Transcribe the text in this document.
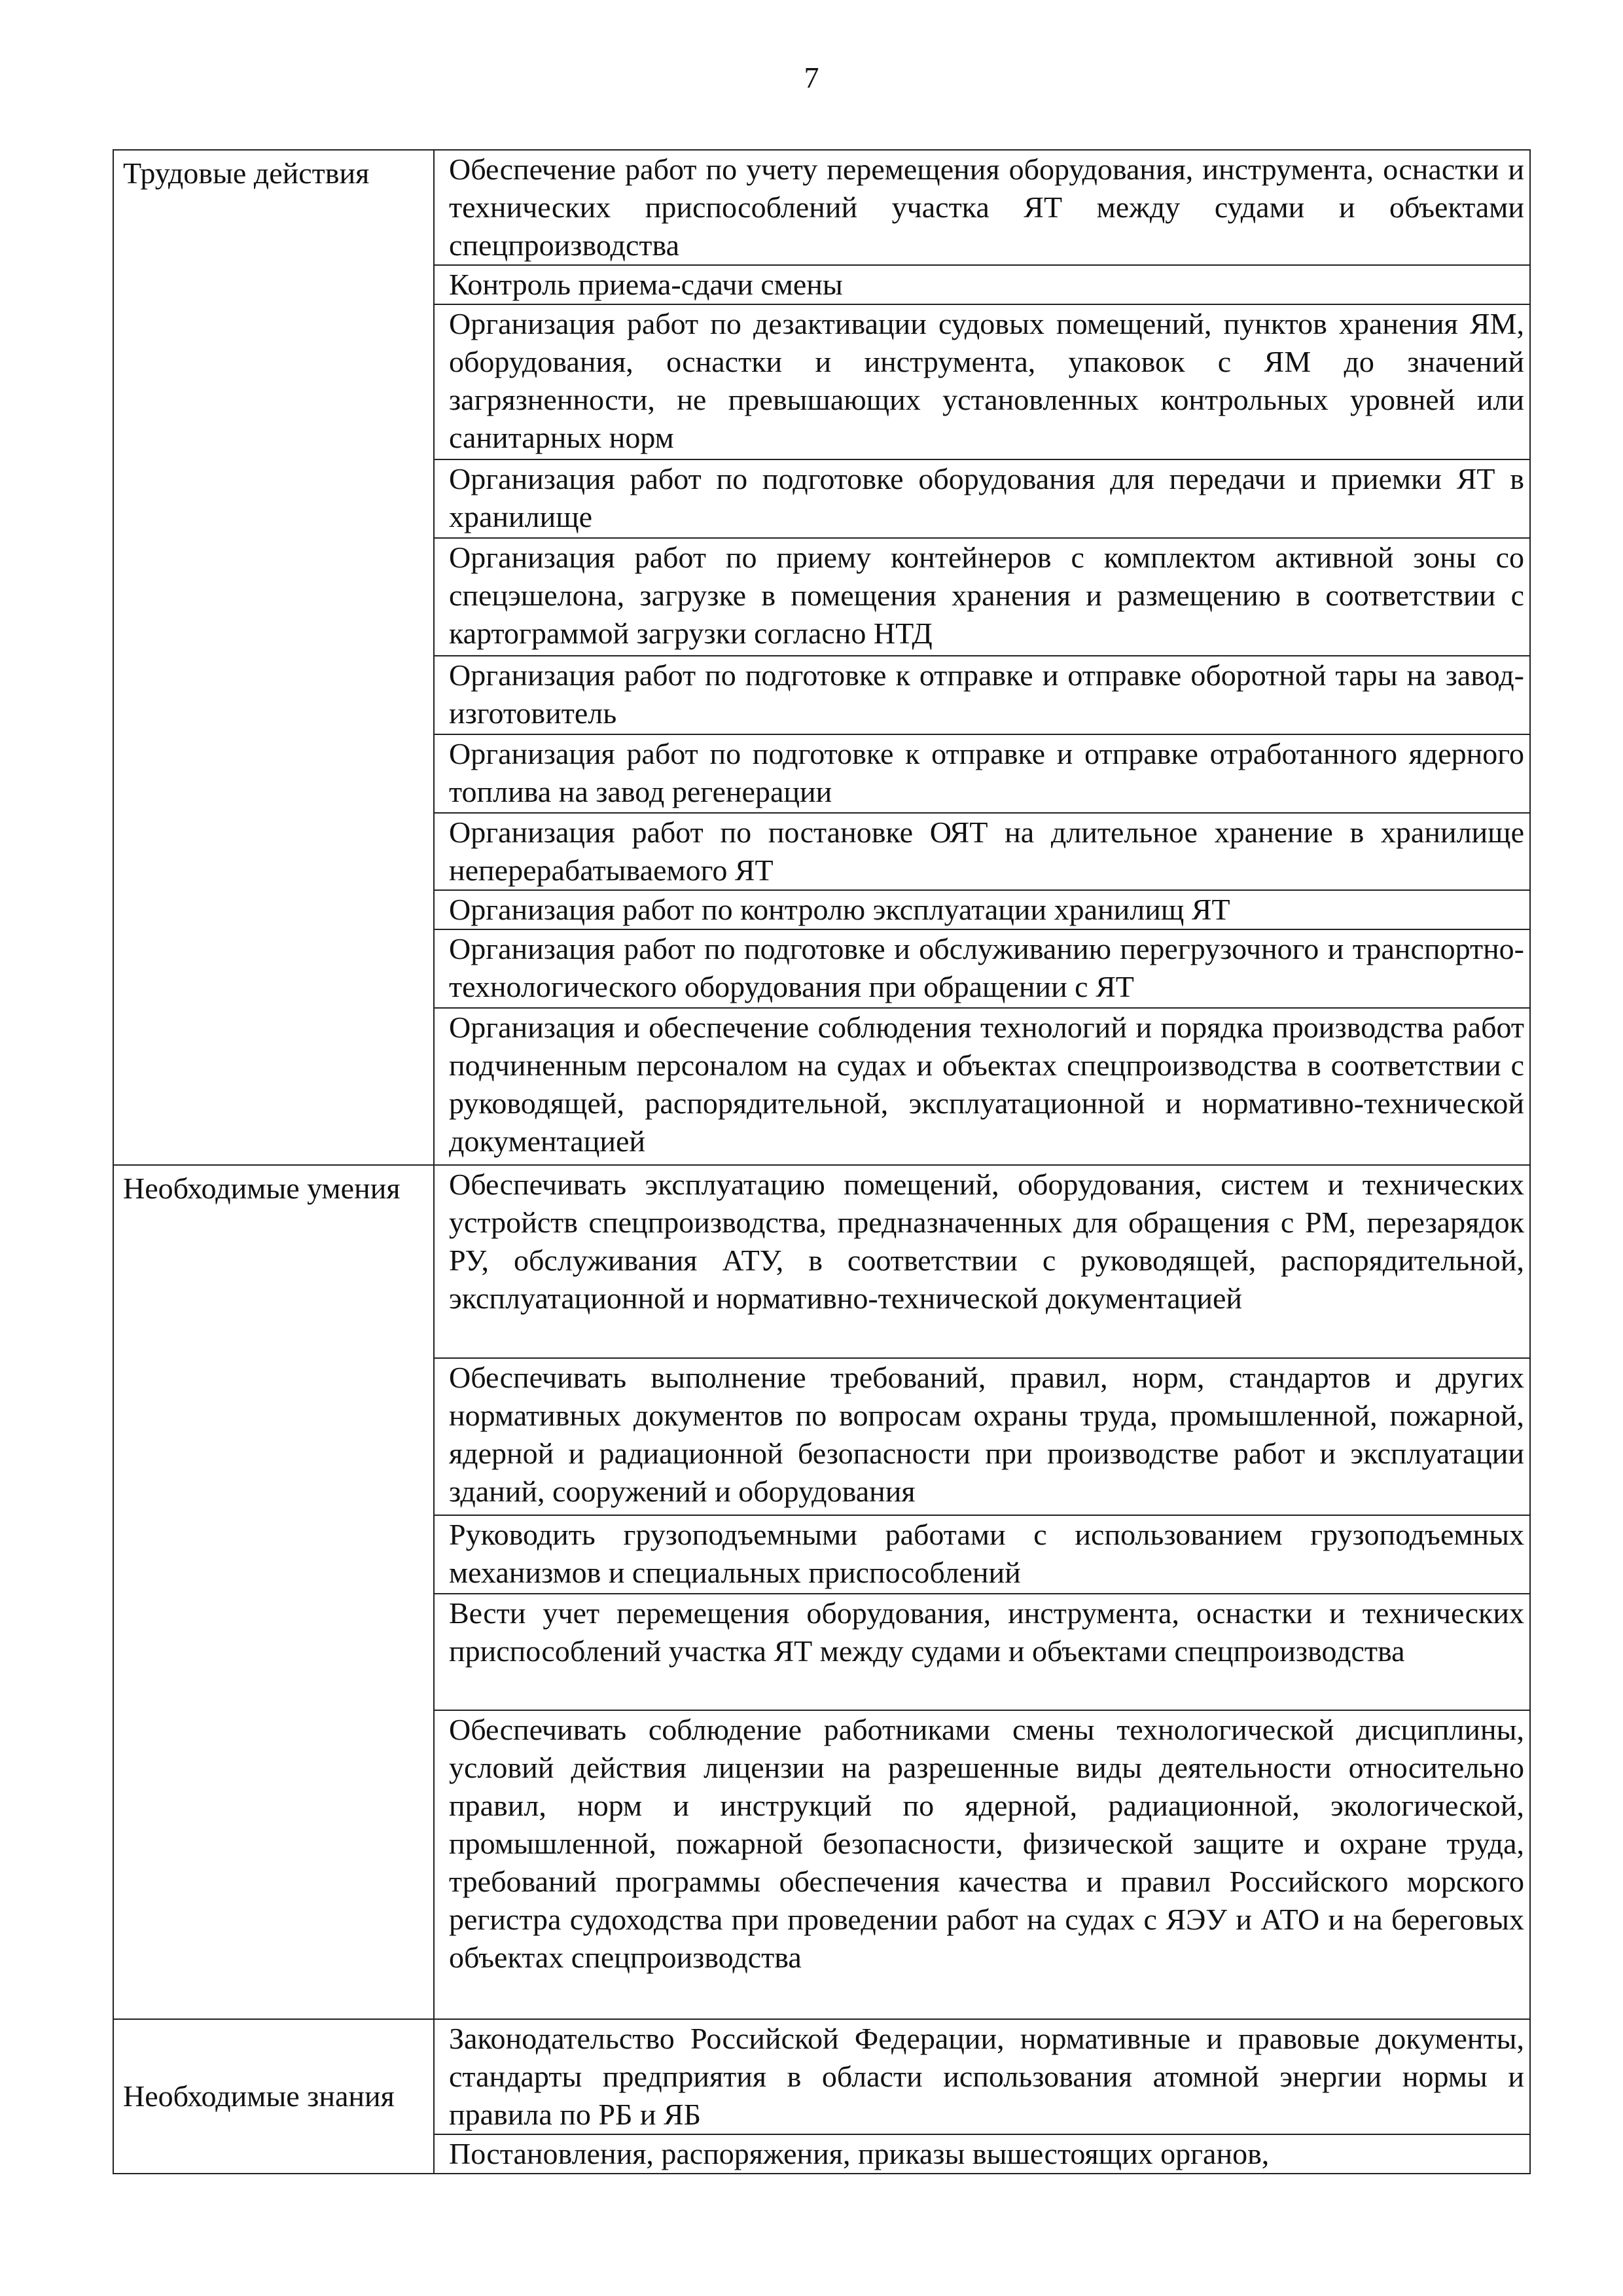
7
Трудовые действия	Обеспечение работ по учету перемещения оборудования, инструмента, оснастки и технических приспособлений участка ЯТ между судами и объектами спецпроизводства
	Контроль приема-сдачи смены
	Организация работ по дезактивации судовых помещений, пунктов хранения ЯМ, оборудования, оснастки и инструмента, упаковок с ЯМ до значений загрязненности, не превышающих установленных контрольных уровней или санитарных норм
	Организация работ по подготовке оборудования для передачи и приемки ЯТ в хранилище
	Организация работ по приему контейнеров с комплектом активной зоны со спецэшелона, загрузке в помещения хранения и размещению в соответствии с картограммой загрузки согласно НТД
	Организация работ по подготовке к отправке и отправке оборотной тары на завод-изготовитель
	Организация работ по подготовке к отправке и отправке отработанного ядерного топлива на завод регенерации
	Организация работ по постановке ОЯТ на длительное хранение в хранилище неперерабатываемого ЯТ
	Организация работ по контролю эксплуатации хранилищ ЯТ
	Организация работ по подготовке и обслуживанию перегрузочного и транспортно-технологического оборудования при обращении с ЯТ
	Организация и обеспечение соблюдения технологий и порядка производства работ подчиненным персоналом на судах и объектах спецпроизводства в соответствии с руководящей, распорядительной, эксплуатационной и нормативно-технической документацией
Необходимые умения	Обеспечивать эксплуатацию помещений, оборудования, систем и технических устройств спецпроизводства, предназначенных для обращения с РМ, перезарядок РУ, обслуживания АТУ, в соответствии с руководящей, распорядительной, эксплуатационной и нормативно-технической документацией
	Обеспечивать выполнение требований, правил, норм, стандартов и других нормативных документов по вопросам охраны труда, промышленной, пожарной, ядерной и радиационной безопасности при производстве работ и эксплуатации зданий, сооружений и оборудования
	Руководить грузоподъемными работами с использованием грузоподъемных механизмов и специальных приспособлений
	Вести учет перемещения оборудования, инструмента, оснастки и технических приспособлений участка ЯТ между судами и объектами спецпроизводства
	Обеспечивать соблюдение работниками смены технологической дисциплины, условий действия лицензии на разрешенные виды деятельности относительно правил, норм и инструкций по ядерной, радиационной, экологической, промышленной, пожарной безопасности, физической защите и охране труда, требований программы обеспечения качества и правил Российского морского регистра судоходства при проведении работ на судах с ЯЭУ и АТО и на береговых объектах спецпроизводства
Необходимые знания	Законодательство Российской Федерации, нормативные и правовые документы, стандарты предприятия в области использования атомной энергии нормы и правила по РБ и ЯБ
	Постановления, распоряжения, приказы вышестоящих органов,
